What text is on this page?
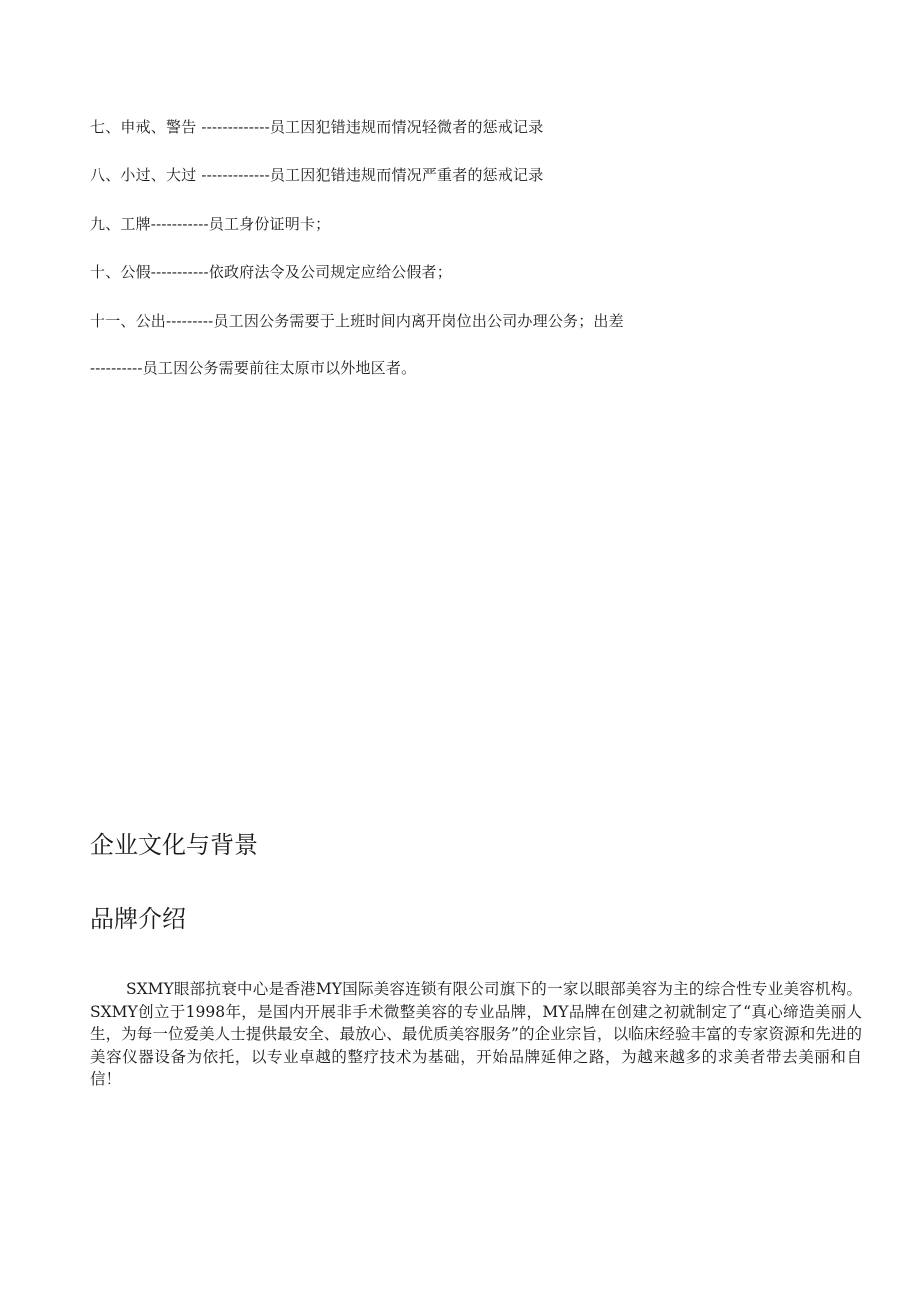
七、申戒、警告 -------------员工因犯错违规而情况轻微者的惩戒记录
八、小过、大过 -------------员工因犯错违规而情况严重者的惩戒记录
九、工牌-----------员工身份证明卡；
十、公假-----------依政府法令及公司规定应给公假者；
十一、公出---------员工因公务需要于上班时间内离开岗位出公司办理公务；出差
----------员工因公务需要前往太原市以外地区者。
企业文化与背景
品牌介绍

SXMY眼部抗衰中心是香港MY国际美容连锁有限公司旗下的一家以眼部美容为主的综合性专业美容机构。SXMY创立于1998年，是国内开展非手术微整美容的专业品牌，MY品牌在创建之初就制定了“真心缔造美丽人生，为每一位爱美人士提供最安全、最放心、最优质美容服务”的企业宗旨，以临床经验丰富的专家资源和先进的美容仪器设备为依托，以专业卓越的整疗技术为基础，开始品牌延伸之路，为越来越多的求美者带去美丽和自信！
